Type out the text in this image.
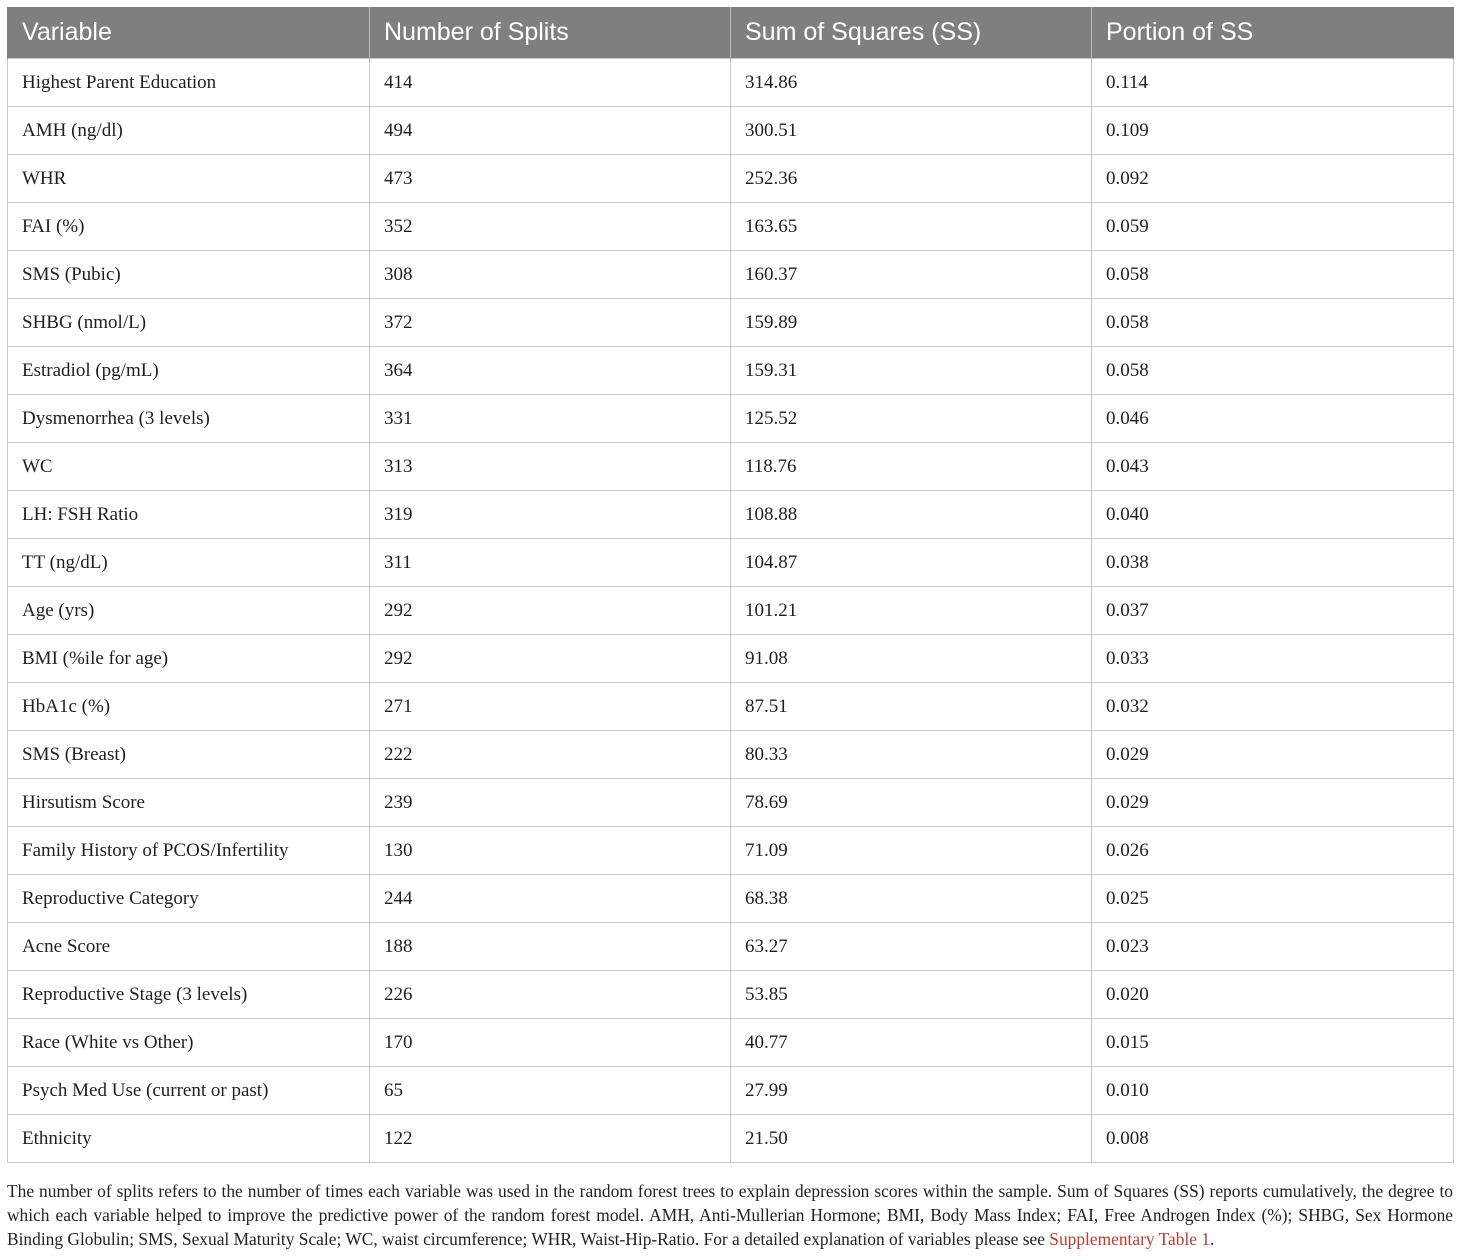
Variable	Number of Splits	Sum of Squares (SS)	Portion of SS
Highest Parent Education	414	314.86	0.114
AMH (ng/dl)	494	300.51	0.109
WHR	473	252.36	0.092
FAI (%)	352	163.65	0.059
SMS (Pubic)	308	160.37	0.058
SHBG (nmol/L)	372	159.89	0.058
Estradiol (pg/mL)	364	159.31	0.058
Dysmenorrhea (3 levels)	331	125.52	0.046
WC	313	118.76	0.043
LH: FSH Ratio	319	108.88	0.040
TT (ng/dL)	311	104.87	0.038
Age (yrs)	292	101.21	0.037
BMI (%ile for age)	292	91.08	0.033
HbA1c (%)	271	87.51	0.032
SMS (Breast)	222	80.33	0.029
Hirsutism Score	239	78.69	0.029
Family History of PCOS/Infertility	130	71.09	0.026
Reproductive Category	244	68.38	0.025
Acne Score	188	63.27	0.023
Reproductive Stage (3 levels)	226	53.85	0.020
Race (White vs Other)	170	40.77	0.015
Psych Med Use (current or past)	65	27.99	0.010
Ethnicity	122	21.50	0.008

The number of splits refers to the number of times each variable was used in the random forest trees to explain depression scores within the sample. Sum of Squares (SS) reports cumulatively, the degree to which each variable helped to improve the predictive power of the random forest model. AMH, Anti-Mullerian Hormone; BMI, Body Mass Index; FAI, Free Androgen Index (%); SHBG, Sex Hormone Binding Globulin; SMS, Sexual Maturity Scale; WC, waist circumference; WHR, Waist-Hip-Ratio. For a detailed explanation of variables please see Supplementary Table 1.
